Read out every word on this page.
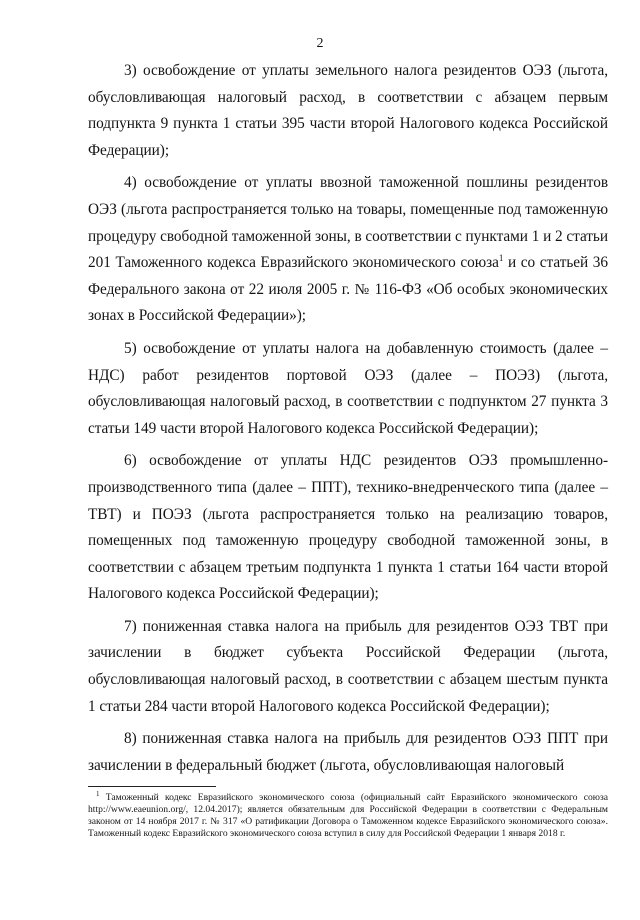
2

3) освобождение от уплаты земельного налога резидентов ОЭЗ (льгота, обусловливающая налоговый расход, в соответствии с абзацем первым подпункта 9 пункта 1 статьи 395 части второй Налогового кодекса Российской Федерации);

4) освобождение от уплаты ввозной таможенной пошлины резидентов ОЭЗ (льгота распространяется только на товары, помещенные под таможенную процедуру свободной таможенной зоны, в соответствии с пунктами 1 и 2 статьи 201 Таможенного кодекса Евразийского экономического союза$^1$ и со статьей 36 Федерального закона от 22 июля 2005 г. № 116-ФЗ «Об особых экономических зонах в Российской Федерации»);

5) освобождение от уплаты налога на добавленную стоимость (далее – НДС) работ резидентов портовой ОЭЗ (далее – ПОЭЗ) (льгота, обусловливающая налоговый расход, в соответствии с подпунктом 27 пункта 3 статьи 149 части второй Налогового кодекса Российской Федерации);

6) освобождение от уплаты НДС резидентов ОЭЗ промышленно-производственного типа (далее – ППТ), технико-внедренческого типа (далее – ТВТ) и ПОЭЗ (льгота распространяется только на реализацию товаров, помещенных под таможенную процедуру свободной таможенной зоны, в соответствии с абзацем третьим подпункта 1 пункта 1 статьи 164 части второй Налогового кодекса Российской Федерации);

7) пониженная ставка налога на прибыль для резидентов ОЭЗ ТВТ при зачислении в бюджет субъекта Российской Федерации (льгота, обусловливающая налоговый расход, в соответствии с абзацем шестым пункта 1 статьи 284 части второй Налогового кодекса Российской Федерации);

8) пониженная ставка налога на прибыль для резидентов ОЭЗ ППТ при зачислении в федеральный бюджет (льгота, обусловливающая налоговый

$^1$ Таможенный кодекс Евразийского экономического союза (официальный сайт Евразийского экономического союза http://www.eaeunion.org/, 12.04.2017); является обязательным для Российской Федерации в соответствии с Федеральным законом от 14 ноября 2017 г. № 317 «О ратификации Договора о Таможенном кодексе Евразийского экономического союза». Таможенный кодекс Евразийского экономического союза вступил в силу для Российской Федерации 1 января 2018 г.
